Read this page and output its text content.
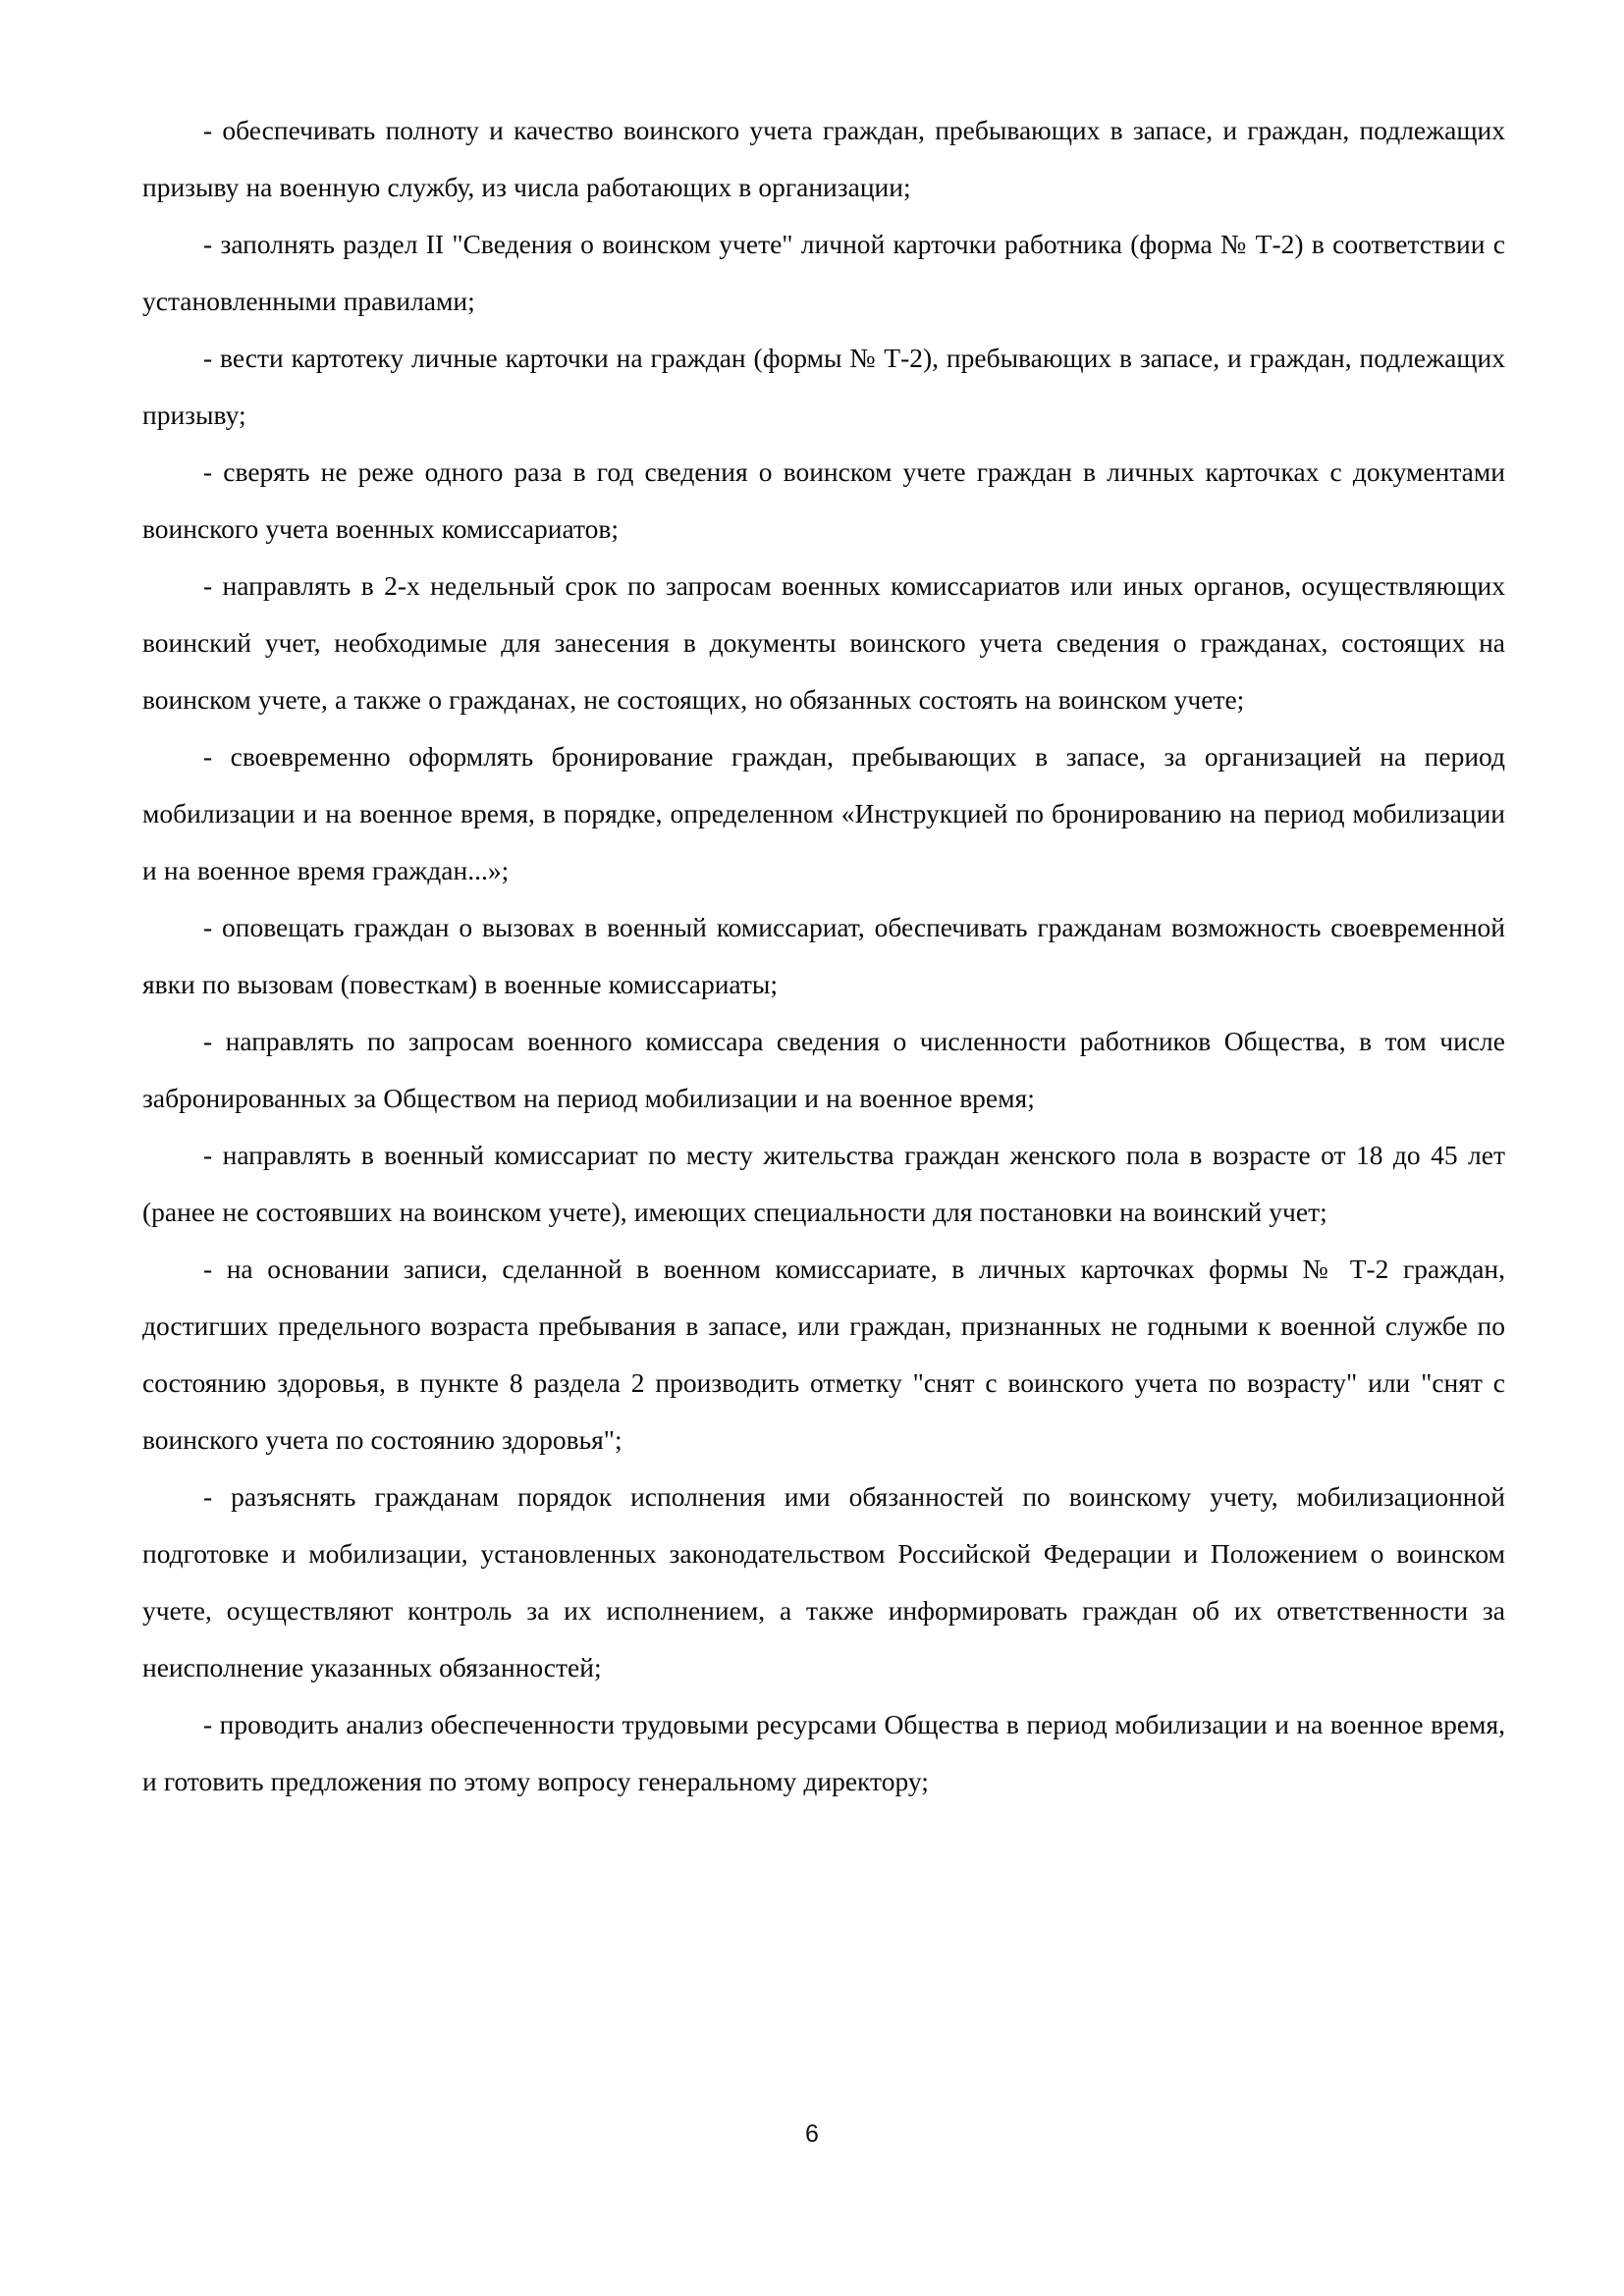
- обеспечивать полноту и качество воинского учета граждан, пребывающих в запасе, и граждан, подлежащих призыву на военную службу, из числа работающих в организации;

- заполнять раздел II "Сведения о воинском учете" личной карточки работника (форма № Т-2) в соответствии с установленными правилами;

- вести картотеку личные карточки на граждан (формы № Т-2), пребывающих в запасе, и граждан, подлежащих призыву;

- сверять не реже одного раза в год сведения о воинском учете граждан в личных карточках с документами воинского учета военных комиссариатов;

- направлять в 2-х недельный срок по запросам военных комиссариатов или иных органов, осуществляющих воинский учет, необходимые для занесения в документы воинского учета сведения о гражданах, состоящих на воинском учете, а также о гражданах, не состоящих, но обязанных состоять на воинском учете;

- своевременно оформлять бронирование граждан, пребывающих в запасе, за организацией на период мобилизации и на военное время, в порядке, определенном «Инструкцией по бронированию на период мобилизации и на военное время граждан...»;

- оповещать граждан о вызовах в военный комиссариат, обеспечивать гражданам возможность своевременной явки по вызовам (повесткам) в военные комиссариаты;

- направлять по запросам военного комиссара сведения о численности работников Общества, в том числе забронированных за Обществом на период мобилизации и на военное время;

- направлять в военный комиссариат по месту жительства граждан женского пола в возрасте от 18 до 45 лет (ранее не состоявших на воинском учете), имеющих специальности для постановки на воинский учет;

- на основании записи, сделанной в военном комиссариате, в личных карточках формы № Т-2 граждан, достигших предельного возраста пребывания в запасе, или граждан, признанных не годными к военной службе по состоянию здоровья, в пункте 8 раздела 2 производить отметку "снят с воинского учета по возрасту" или "снят с воинского учета по состоянию здоровья";

- разъяснять гражданам порядок исполнения ими обязанностей по воинскому учету, мобилизационной подготовке и мобилизации, установленных законодательством Российской Федерации и Положением о воинском учете, осуществляют контроль за их исполнением, а также информировать граждан об их ответственности за неисполнение указанных обязанностей;

- проводить анализ обеспеченности трудовыми ресурсами Общества в период мобилизации и на военное время, и готовить предложения по этому вопросу генеральному директору;

6
